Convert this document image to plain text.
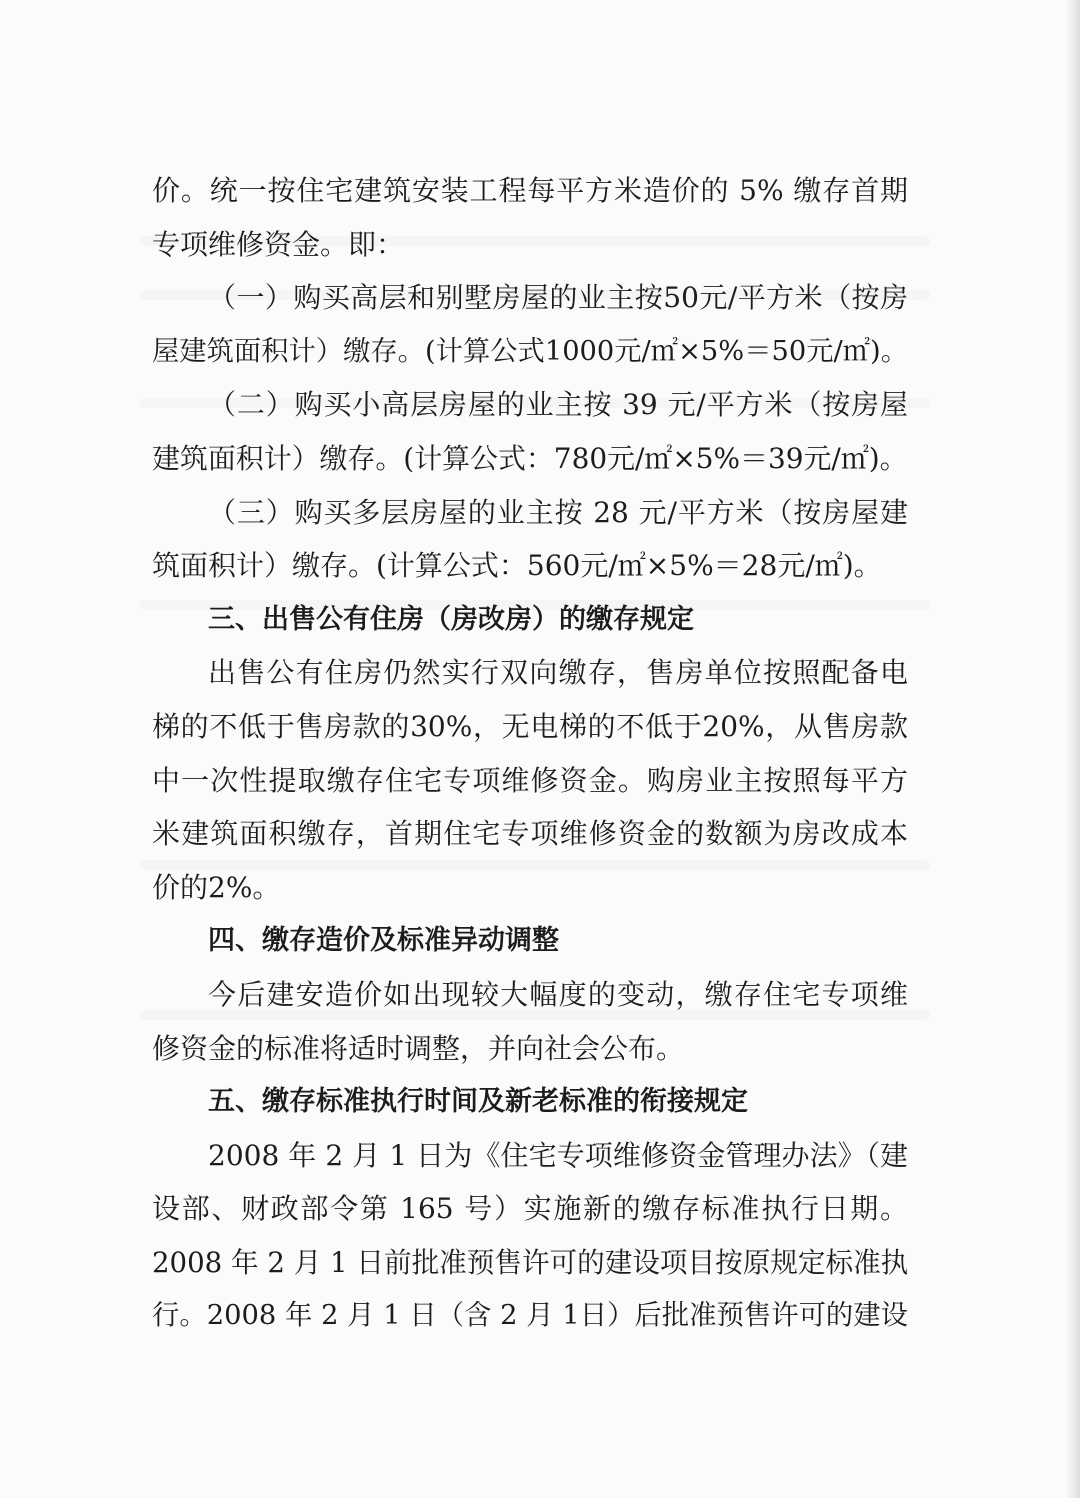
价。统一按住宅建筑安装工程每平方米造价的 5% 缴存首期
专项维修资金。即：
（一）购买高层和别墅房屋的业主按50元/平方米（按房
屋建筑面积计）缴存。(计算公式1000元/㎡×5%＝50元/㎡)。
（二）购买小高层房屋的业主按 39 元/平方米（按房屋
建筑面积计）缴存。(计算公式：780元/㎡×5%＝39元/㎡)。
（三）购买多层房屋的业主按 28 元/平方米（按房屋建
筑面积计）缴存。(计算公式：560元/㎡×5%＝28元/㎡)。
三、出售公有住房（房改房）的缴存规定
出售公有住房仍然实行双向缴存，售房单位按照配备电
梯的不低于售房款的30%，无电梯的不低于20%，从售房款
中一次性提取缴存住宅专项维修资金。购房业主按照每平方
米建筑面积缴存，首期住宅专项维修资金的数额为房改成本
价的2%。
四、缴存造价及标准异动调整
今后建安造价如出现较大幅度的变动，缴存住宅专项维
修资金的标准将适时调整，并向社会公布。
五、缴存标准执行时间及新老标准的衔接规定
2008 年 2 月 1 日为《住宅专项维修资金管理办法》（建
设部、财政部令第 165 号）实施新的缴存标准执行日期。
2008 年 2 月 1 日前批准预售许可的建设项目按原规定标准执
行。2008 年 2 月 1 日（含 2 月 1日）后批准预售许可的建设
